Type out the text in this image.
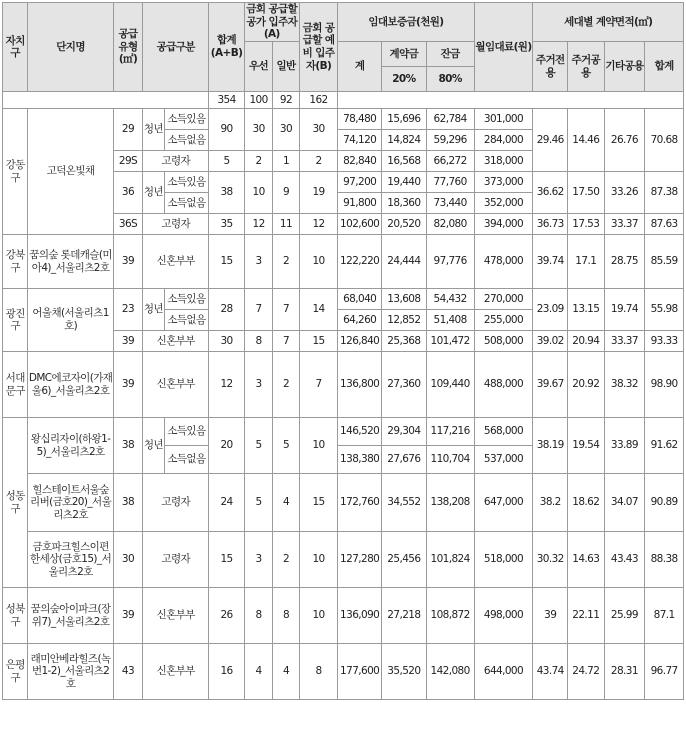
자치구	단지명	공급유형(㎡)	공급구분		합계(A+B)	금회 공급할 공가 입주자(A)		금회 공급할 예비 입주자(B)	임대보증금(천원)			월임대료(원)	세대별 계약면적(㎡)			
						우선	일반		계	계약금	잔금		주거전용	주거공용	기타공용	합계
										20%	80%					
					354	100	92	162								
강동구	고덕온빛채	29	청년	소득있음	90	30	30	30	78,480	15,696	62,784	301,000	29.46	14.46	26.76	70.68
				소득없음					74,120	14,824	59,296	284,000				
		29S	고령자		5	2	1	2	82,840	16,568	66,272	318,000				
		36	청년	소득있음	38	10	9	19	97,200	19,440	77,760	373,000	36.62	17.50	33.26	87.38
				소득없음					91,800	18,360	73,440	352,000				
		36S	고령자		35	12	11	12	102,600	20,520	82,080	394,000	36.73	17.53	33.37	87.63
강북구	꿈의숲 롯데캐슬(미아4)_서울리츠2호	39	신혼부부		15	3	2	10	122,220	24,444	97,776	478,000	39.74	17.1	28.75	85.59
광진구	어울채(서울리츠1호)	23	청년	소득있음	28	7	7	14	68,040	13,608	54,432	270,000	23.09	13.15	19.74	55.98
				소득없음					64,260	12,852	51,408	255,000				
		39	신혼부부		30	8	7	15	126,840	25,368	101,472	508,000	39.02	20.94	33.37	93.33
서대문구	DMC에코자이(가재울6)_서울리츠2호	39	신혼부부		12	3	2	7	136,800	27,360	109,440	488,000	39.67	20.92	38.32	98.90
성동구	왕십리자이(하왕1-5)_서울리츠2호	38	청년	소득있음	20	5	5	10	146,520	29,304	117,216	568,000	38.19	19.54	33.89	91.62
				소득없음					138,380	27,676	110,704	537,000				
	힐스테이트서울숲리버(금호20)_서울리츠2호	38	고령자		24	5	4	15	172,760	34,552	138,208	647,000	38.2	18.62	34.07	90.89
	금호파크힐스이편한세상(금호15)_서울리츠2호	30	고령자		15	3	2	10	127,280	25,456	101,824	518,000	30.32	14.63	43.43	88.38
성북구	꿈의숲아이파크(장위7)_서울리츠2호	39	신혼부부		26	8	8	10	136,090	27,218	108,872	498,000	39	22.11	25.99	87.1
은평구	래미안베라힐즈(녹번1-2)_서울리츠2호	43	신혼부부		16	4	4	8	177,600	35,520	142,080	644,000	43.74	24.72	28.31	96.77
